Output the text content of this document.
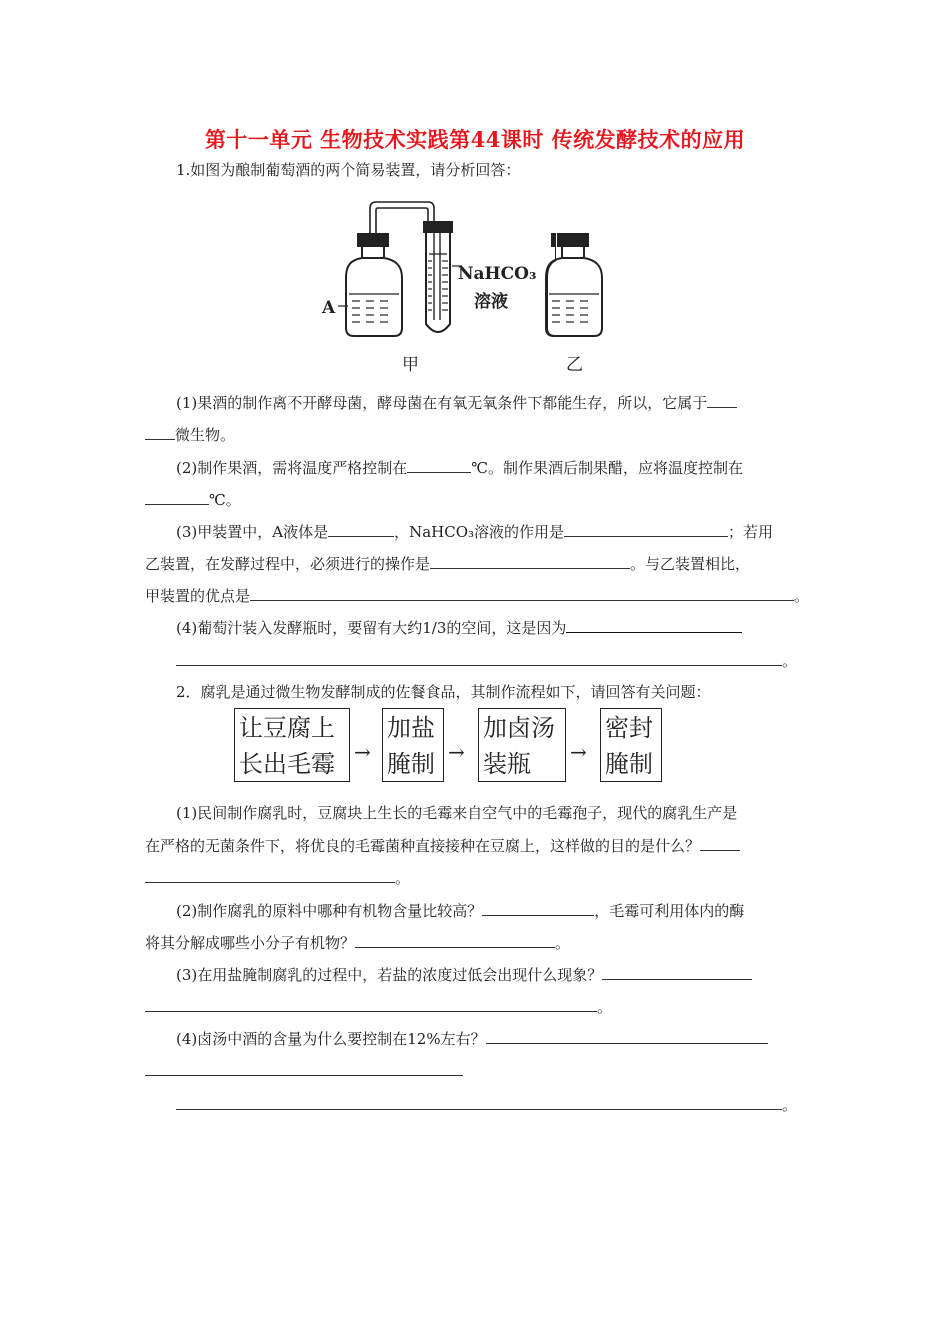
第十一单元 生物技术实践第44课时 传统发酵技术的应用
1.如图为酿制葡萄酒的两个简易装置，请分析回答：
A
NaHCO₃
溶液
甲	乙
(1)果酒的制作离不开酵母菌，酵母菌在有氧无氧条件下都能生存，所以，它属于
微生物。
(2)制作果酒，需将温度严格控制在	℃。制作果酒后制果醋，应将温度控制在
℃。
(3)甲装置中，A液体是	，NaHCO₃溶液的作用是	；若用
乙装置，在发酵过程中，必须进行的操作是	。与乙装置相比，
甲装置的优点是	。
(4)葡萄汁装入发酵瓶时，要留有大约1/3的空间，这是因为
。
2．腐乳是通过微生物发酵制成的佐餐食品，其制作流程如下，请回答有关问题：
让豆腐上
长出毛霉 →
加盐
腌制 →
加卤汤
装瓶	→
密封
腌制
(1)民间制作腐乳时，豆腐块上生长的毛霉来自空气中的毛霉孢子，现代的腐乳生产是
在严格的无菌条件下，将优良的毛霉菌种直接接种在豆腐上，这样做的目的是什么？
。
(2)制作腐乳的原料中哪种有机物含量比较高？	，毛霉可利用体内的酶
将其分解成哪些小分子有机物？	。
(3)在用盐腌制腐乳的过程中，若盐的浓度过低会出现什么现象？
。
(4)卤汤中酒的含量为什么要控制在12%左右？
。
